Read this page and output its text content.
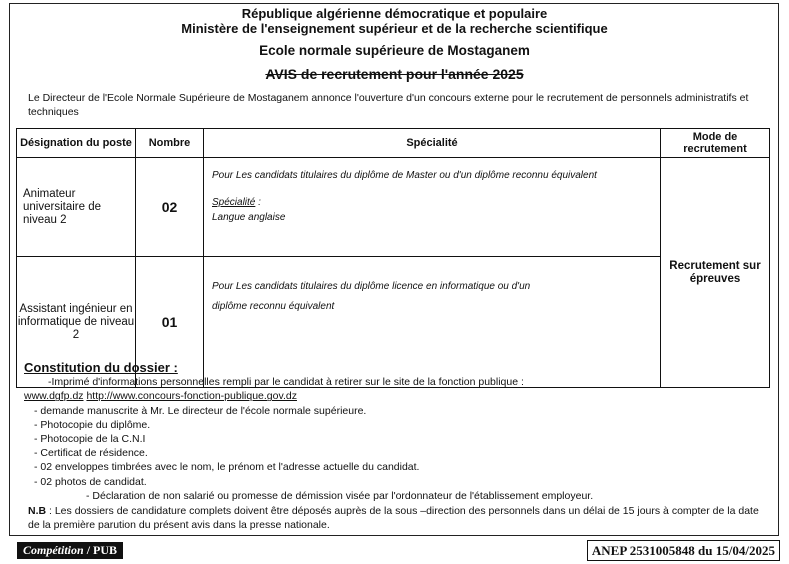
République algérienne démocratique et populaire
Ministère de l'enseignement supérieur et de la recherche scientifique
Ecole normale supérieure de Mostaganem
AVIS de recrutement pour l'année 2025
Le Directeur de l'Ecole Normale Supérieure de Mostaganem annonce l'ouverture d'un concours externe pour le recrutement de personnels administratifs et techniques
Désignation du poste	Nombre	Spécialité	Mode de recrutement
Animateur universitaire de niveau 2	02	Pour Les candidats titulaires du diplôme de Master ou d'un diplôme reconnu équivalent
Spécialité :
Langue anglaise	Recrutement sur épreuves
Assistant ingénieur en informatique de niveau 2	01	Pour Les candidats titulaires du diplôme licence en informatique ou d'un
diplôme reconnu équivalent	
Constitution du dossier :
-Imprimé d'informations personnelles rempli par le candidat à retirer sur le site de la fonction publique :
www.dgfp.dz http://www.concours-fonction-publique.gov.dz
- demande manuscrite à Mr. Le directeur de l'école normale supérieure.
- Photocopie du diplôme.
- Photocopie de la C.N.I
- Certificat de résidence.
- 02 enveloppes timbrées avec le nom, le prénom et l'adresse actuelle du candidat.
- 02 photos de candidat.
- Déclaration de non salarié ou promesse de démission visée par l'ordonnateur de l'établissement employeur.
N.B : Les dossiers de candidature complets doivent être déposés auprès de la sous –direction des personnels dans un délai de 15 jours à compter de la date de la première parution du présent avis dans la presse nationale.
Compétition / PUB	ANEP 2531005848 du 15/04/2025
